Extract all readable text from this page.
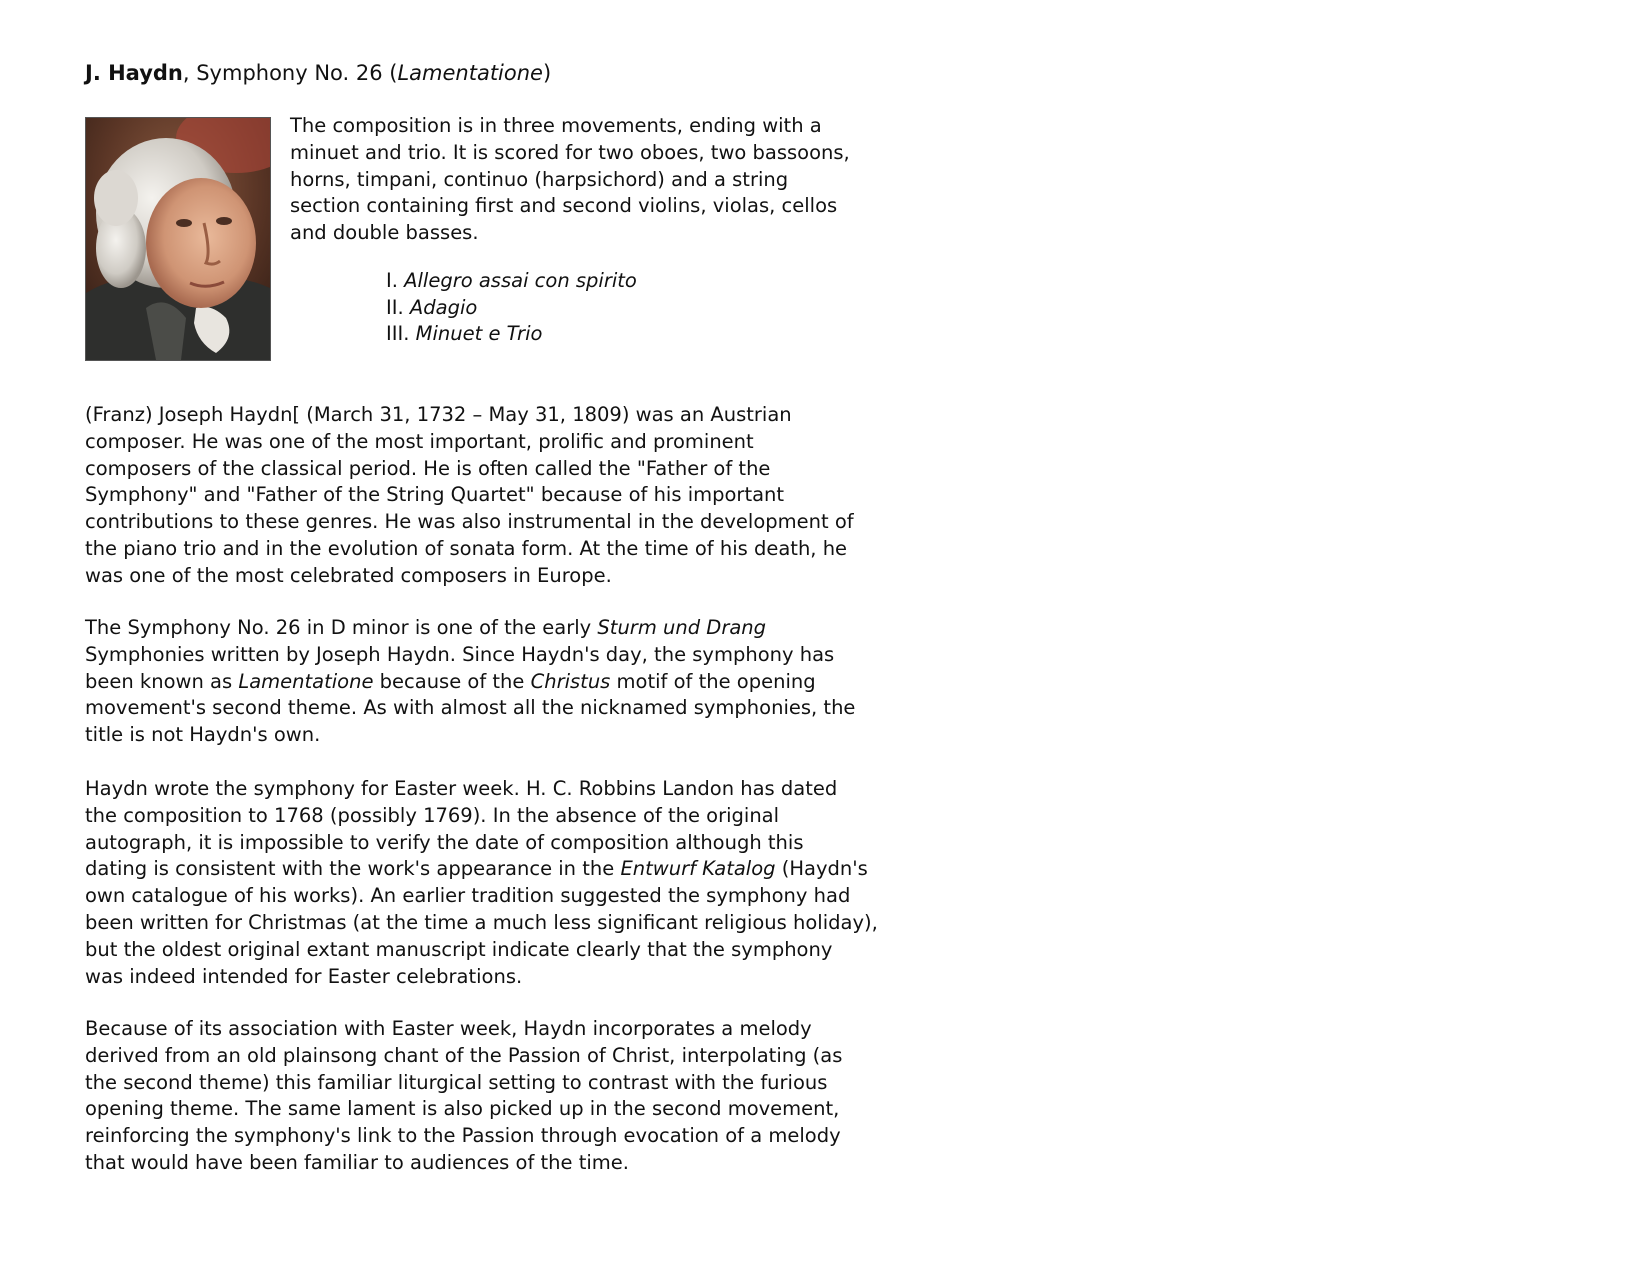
J. Haydn, Symphony No. 26 (Lamentatione)

The composition is in three movements, ending with a

minuet and trio. It is scored for two oboes, two bassoons,

horns, timpani, continuo (harpsichord) and a string

section containing first and second violins, violas, cellos

and double basses.

I. Allegro assai con spirito
II. Adagio
III. Minuet e Trio
(Franz) Joseph Haydn[ (March 31, 1732 – May 31, 1809) was an Austrian
composer. He was one of the most important, prolific and prominent
composers of the classical period. He is often called the "Father of the
Symphony" and "Father of the String Quartet" because of his important
contributions to these genres. He was also instrumental in the development of
the piano trio and in the evolution of sonata form. At the time of his death, he
was one of the most celebrated composers in Europe.
The Symphony No. 26 in D minor is one of the early Sturm und Drang
Symphonies written by Joseph Haydn. Since Haydn's day, the symphony has
been known as Lamentatione because of the Christus motif of the opening
movement's second theme. As with almost all the nicknamed symphonies, the
title is not Haydn's own.
Haydn wrote the symphony for Easter week. H. C. Robbins Landon has dated
the composition to 1768 (possibly 1769). In the absence of the original
autograph, it is impossible to verify the date of composition although this
dating is consistent with the work's appearance in the Entwurf Katalog (Haydn's
own catalogue of his works). An earlier tradition suggested the symphony had
been written for Christmas (at the time a much less significant religious holiday),
but the oldest original extant manuscript indicate clearly that the symphony
was indeed intended for Easter celebrations.
Because of its association with Easter week, Haydn incorporates a melody
derived from an old plainsong chant of the Passion of Christ, interpolating (as
the second theme) this familiar liturgical setting to contrast with the furious
opening theme. The same lament is also picked up in the second movement,
reinforcing the symphony's link to the Passion through evocation of a melody
that would have been familiar to audiences of the time.
